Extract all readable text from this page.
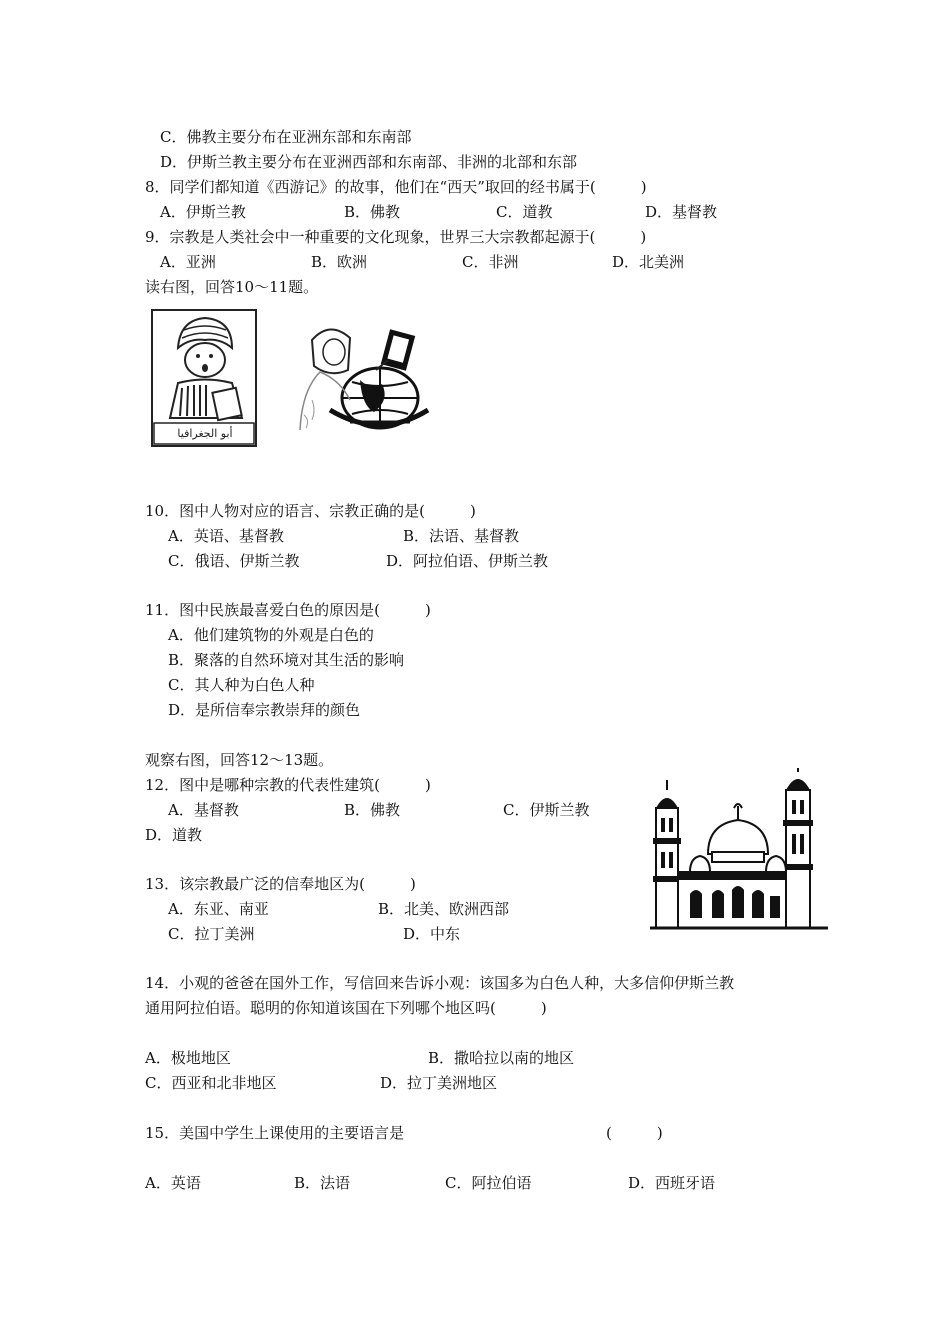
C．佛教主要分布在亚洲东部和东南部
D．伊斯兰教主要分布在亚洲西部和东南部、非洲的北部和东部
8．同学们都知道《西游记》的故事，他们在“西天”取回的经书属于(　　　)
A．伊斯兰教	B．佛教	C．道教	D．基督教
9．宗教是人类社会中一种重要的文化现象，世界三大宗教都起源于(　　　)
A．亚洲	B．欧洲	C．非洲	D．北美洲
读右图，回答10～11题。
أبو الجغرافيا
10．图中人物对应的语言、宗教正确的是(　　　)
A．英语、基督教	B．法语、基督教
C．俄语、伊斯兰教	D．阿拉伯语、伊斯兰教
11．图中民族最喜爱白色的原因是(　　　)
A．他们建筑物的外观是白色的
B．聚落的自然环境对其生活的影响
C．其人种为白色人种
D．是所信奉宗教崇拜的颜色
观察右图，回答12～13题。
12．图中是哪种宗教的代表性建筑(　　　)
A．基督教	B．佛教	C．伊斯兰教
D．道教
13．该宗教最广泛的信奉地区为(　　　)
A．东亚、南亚	B．北美、欧洲西部
C．拉丁美洲	D．中东
14．小观的爸爸在国外工作，写信回来告诉小观：该国多为白色人种，大多信仰伊斯兰教
通用阿拉伯语。聪明的你知道该国在下列哪个地区吗(　　　)
A．极地地区	B．撒哈拉以南的地区
C．西亚和北非地区	D．拉丁美洲地区
15．美国中学生上课使用的主要语言是	(　　　)
A．英语	B．法语	C．阿拉伯语	D．西班牙语
